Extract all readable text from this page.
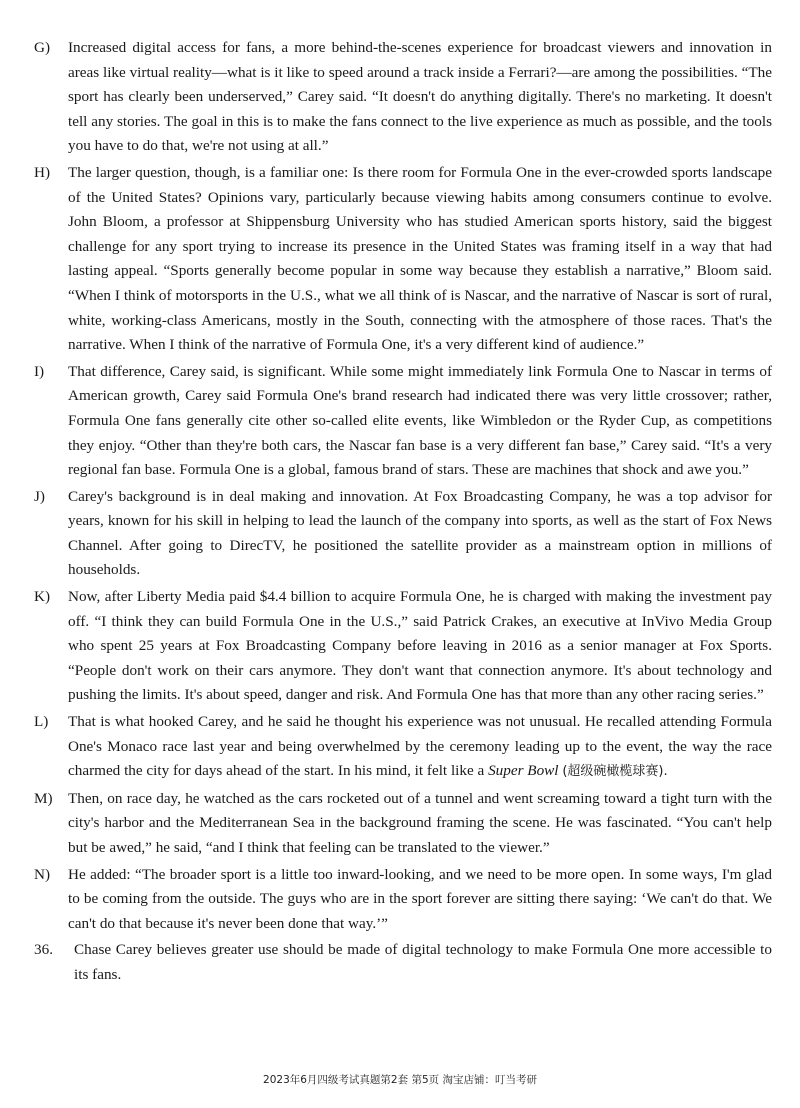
G) Increased digital access for fans, a more behind-the-scenes experience for broadcast viewers and innovation in areas like virtual reality—what is it like to speed around a track inside a Ferrari?—are among the possibilities. “The sport has clearly been underserved,” Carey said. “It doesn't do anything digitally. There's no marketing. It doesn't tell any stories. The goal in this is to make the fans connect to the live experience as much as possible, and the tools you have to do that, we're not using at all.”
H) The larger question, though, is a familiar one: Is there room for Formula One in the ever-crowded sports landscape of the United States? Opinions vary, particularly because viewing habits among consumers continue to evolve. John Bloom, a professor at Shippensburg University who has studied American sports history, said the biggest challenge for any sport trying to increase its presence in the United States was framing itself in a way that had lasting appeal. “Sports generally become popular in some way because they establish a narrative,” Bloom said. “When I think of motorsports in the U.S., what we all think of is Nascar, and the narrative of Nascar is sort of rural, white, working-class Americans, mostly in the South, connecting with the atmosphere of those races. That's the narrative. When I think of the narrative of Formula One, it's a very different kind of audience.”
I) That difference, Carey said, is significant. While some might immediately link Formula One to Nascar in terms of American growth, Carey said Formula One's brand research had indicated there was very little crossover; rather, Formula One fans generally cite other so-called elite events, like Wimbledon or the Ryder Cup, as competitions they enjoy. “Other than they're both cars, the Nascar fan base is a very different fan base,” Carey said. “It's a very regional fan base. Formula One is a global, famous brand of stars. These are machines that shock and awe you.”
J) Carey's background is in deal making and innovation. At Fox Broadcasting Company, he was a top advisor for years, known for his skill in helping to lead the launch of the company into sports, as well as the start of Fox News Channel. After going to DirecTV, he positioned the satellite provider as a mainstream option in millions of households.
K) Now, after Liberty Media paid $4.4 billion to acquire Formula One, he is charged with making the investment pay off. “I think they can build Formula One in the U.S.,” said Patrick Crakes, an executive at InVivo Media Group who spent 25 years at Fox Broadcasting Company before leaving in 2016 as a senior manager at Fox Sports. “People don't work on their cars anymore. They don't want that connection anymore. It's about technology and pushing the limits. It's about speed, danger and risk. And Formula One has that more than any other racing series.”
L) That is what hooked Carey, and he said he thought his experience was not unusual. He recalled attending Formula One's Monaco race last year and being overwhelmed by the ceremony leading up to the event, the way the race charmed the city for days ahead of the start. In his mind, it felt like a Super Bowl (超级碗橄榄球赛).
M) Then, on race day, he watched as the cars rocketed out of a tunnel and went screaming toward a tight turn with the city's harbor and the Mediterranean Sea in the background framing the scene. He was fascinated. “You can't help but be awed,” he said, “and I think that feeling can be translated to the viewer.”
N) He added: “The broader sport is a little too inward-looking, and we need to be more open. In some ways, I'm glad to be coming from the outside. The guys who are in the sport forever are sitting there saying: ‘We can't do that. We can't do that because it's never been done that way.’”
36. Chase Carey believes greater use should be made of digital technology to make Formula One more accessible to its fans.
2023年6月四级考试真题第2套 第5页 淘宝店铺：叮当考研
